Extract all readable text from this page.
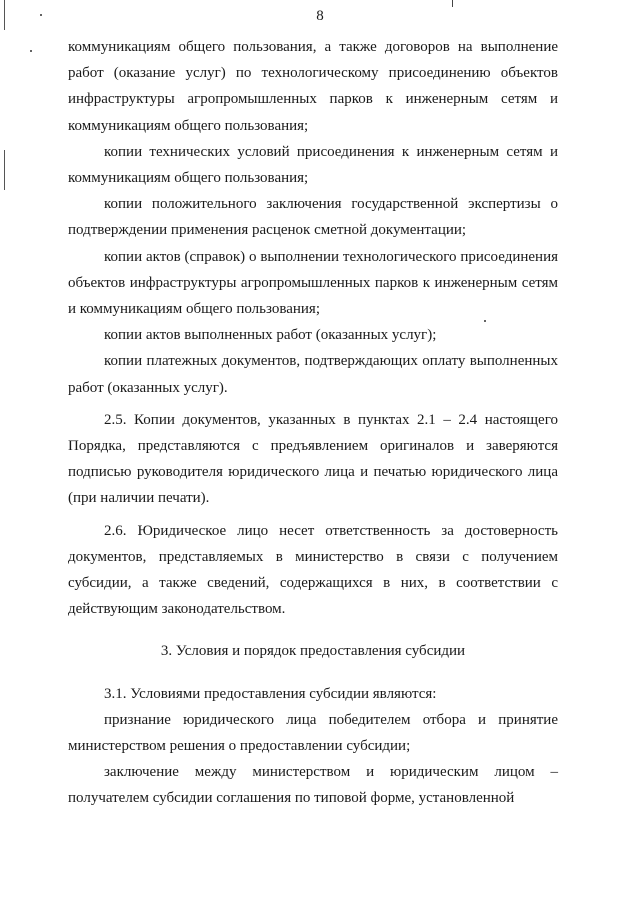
8

коммуникациям общего пользования, а также договоров на выполнение работ (оказание услуг) по технологическому присоединению объектов инфраструктуры агропромышленных парков к инженерным сетям и коммуникациям общего пользования;

копии технических условий присоединения к инженерным сетям и коммуникациям общего пользования;

копии положительного заключения государственной экспертизы о подтверждении применения расценок сметной документации;

копии актов (справок) о выполнении технологического присоединения объектов инфраструктуры агропромышленных парков к инженерным сетям и коммуникациям общего пользования;

копии актов выполненных работ (оказанных услуг);

копии платежных документов, подтверждающих оплату выполненных работ (оказанных услуг).

2.5. Копии документов, указанных в пунктах 2.1 – 2.4 настоящего Порядка, представляются с предъявлением оригиналов и заверяются подписью руководителя юридического лица и печатью юридического лица (при наличии печати).

2.6. Юридическое лицо несет ответственность за достоверность документов, представляемых в министерство в связи с получением субсидии, а также сведений, содержащихся в них, в соответствии с действующим законодательством.

3. Условия и порядок предоставления субсидии

3.1. Условиями предоставления субсидии являются:

признание юридического лица победителем отбора и принятие министерством решения о предоставлении субсидии;

заключение между министерством и юридическим лицом – получателем субсидии соглашения по типовой форме, установленной
